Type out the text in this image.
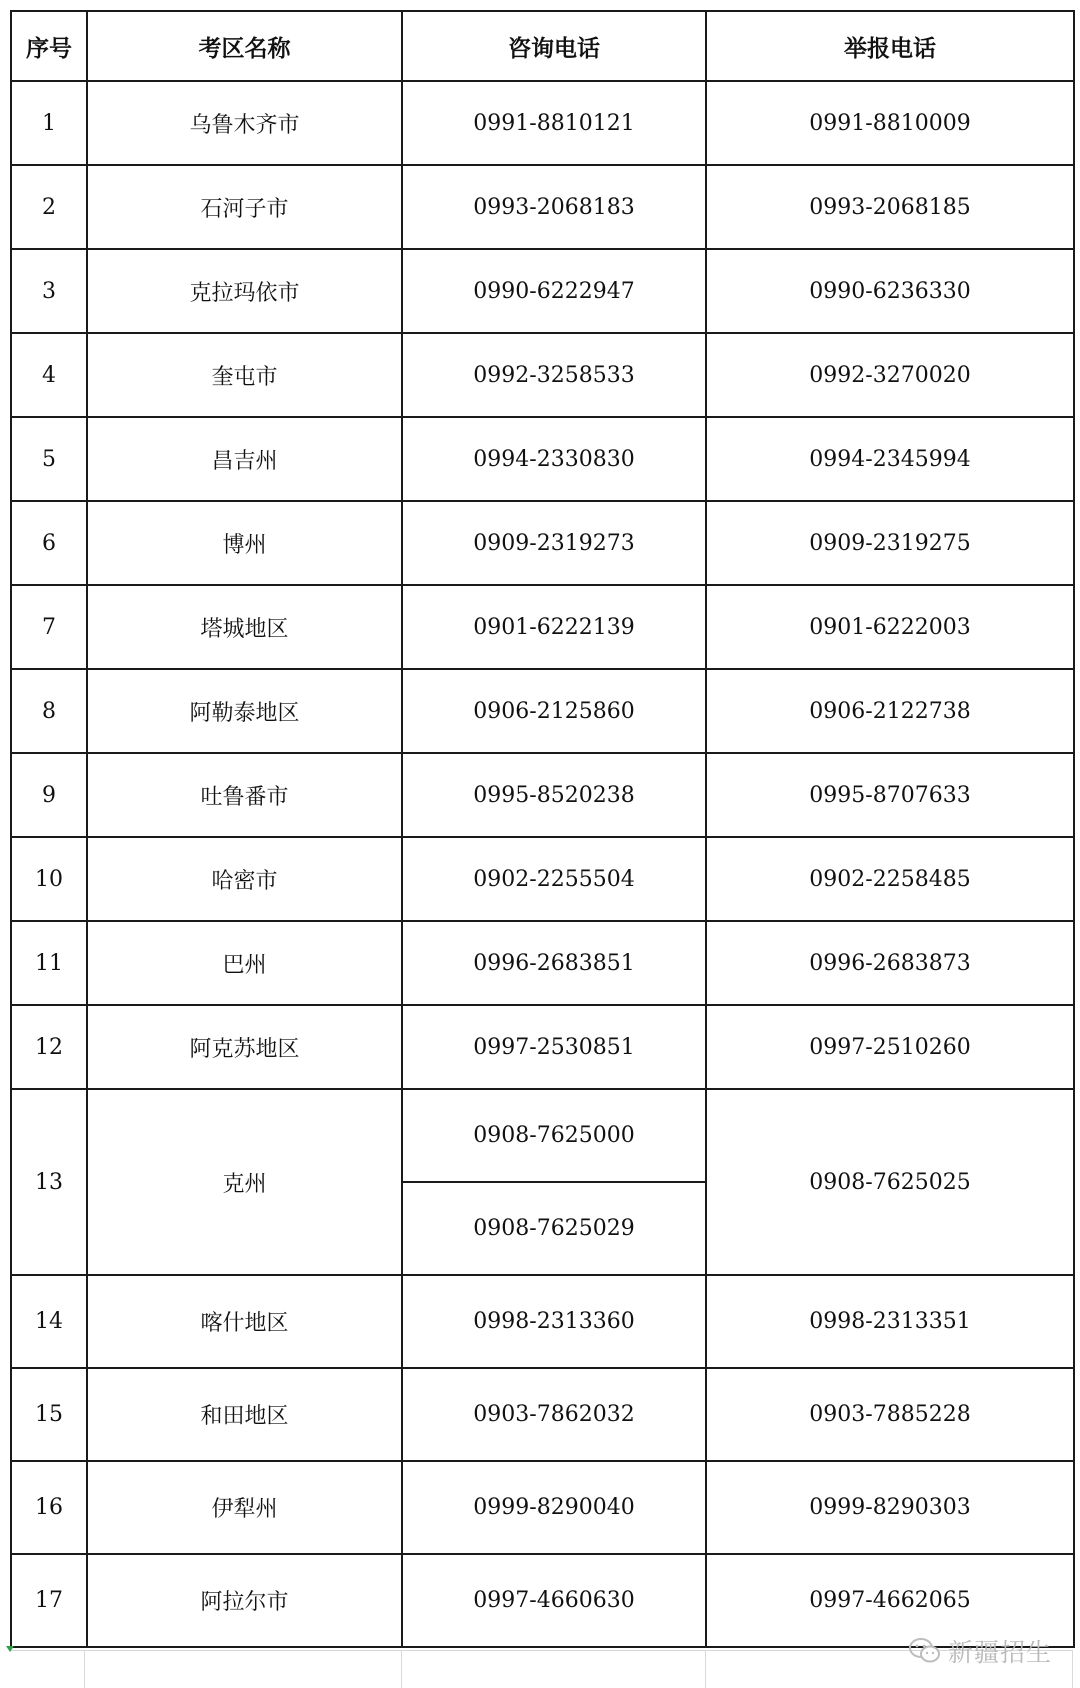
序号	考区名称	咨询电话	举报电话
1	乌鲁木齐市	0991-8810121	0991-8810009
2	石河子市	0993-2068183	0993-2068185
3	克拉玛依市	0990-6222947	0990-6236330
4	奎屯市	0992-3258533	0992-3270020
5	昌吉州	0994-2330830	0994-2345994
6	博州	0909-2319273	0909-2319275
7	塔城地区	0901-6222139	0901-6222003
8	阿勒泰地区	0906-2125860	0906-2122738
9	吐鲁番市	0995-8520238	0995-8707633
10	哈密市	0902-2255504	0902-2258485
11	巴州	0996-2683851	0996-2683873
12	阿克苏地区	0997-2530851	0997-2510260
13	克州	0908-7625000	0908-7625025
		0908-7625029	
14	喀什地区	0998-2313360	0998-2313351
15	和田地区	0903-7862032	0903-7885228
16	伊犁州	0999-8290040	0999-8290303
17	阿拉尔市	0997-4660630	0997-4662065
新疆招生
